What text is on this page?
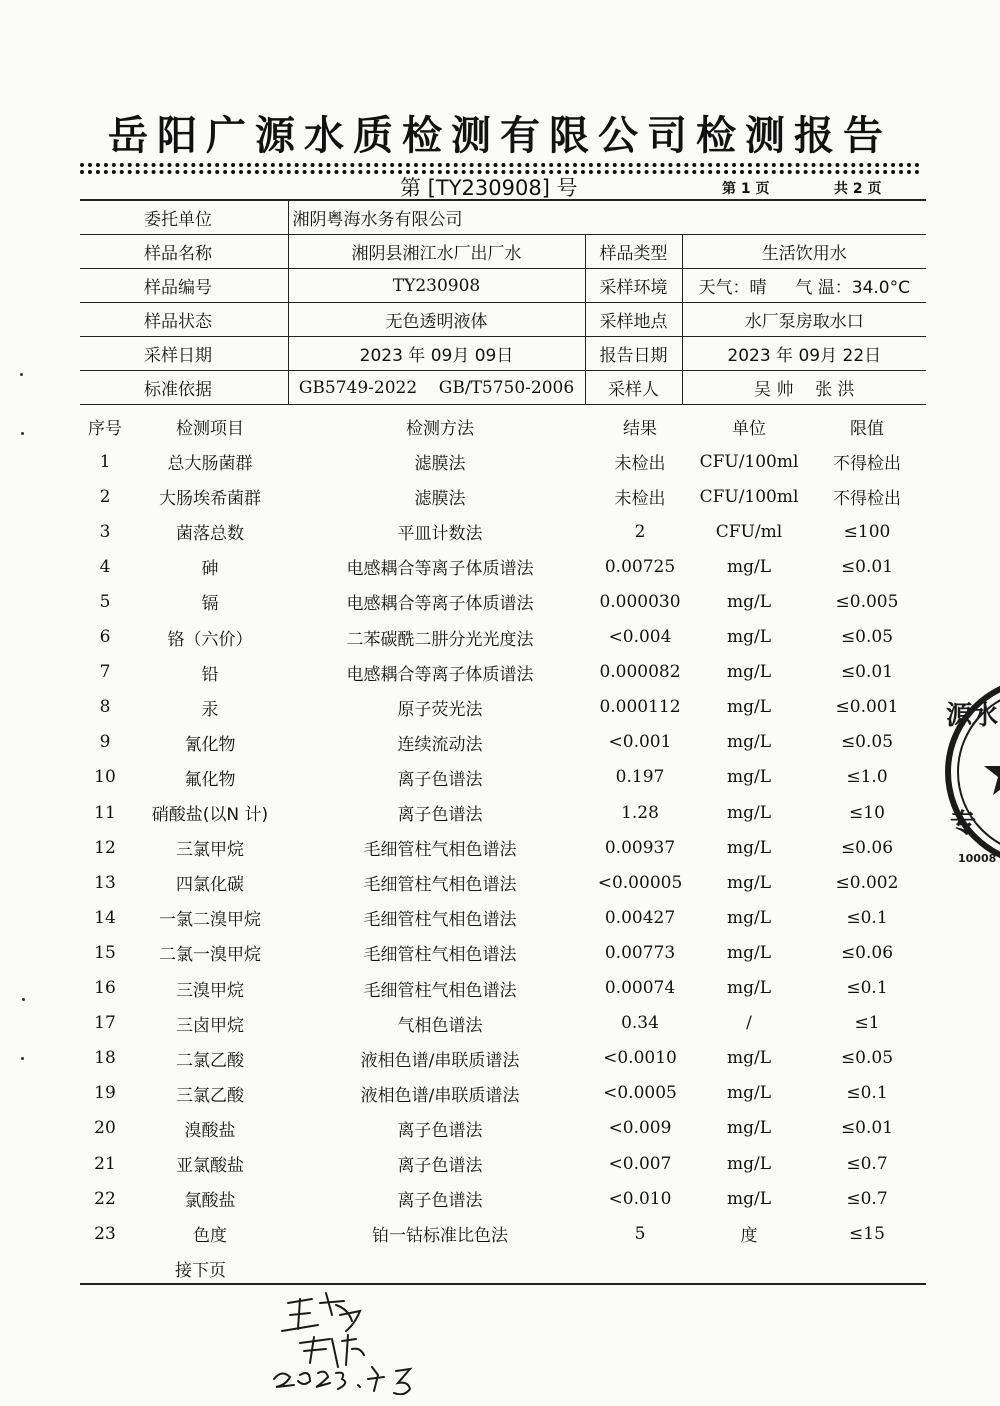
岳阳广源水质检测有限公司检测报告
第 [TY230908] 号	第 1 页	共 2 页
委托单位	湘阴粤海水务有限公司		
样品名称	湘阴县湘江水厂出厂水	样品类型	生活饮用水
样品编号	TY230908	采样环境	天气：晴 气 温：34.0°C
样品状态	无色透明液体	采样地点	水厂泵房取水口
采样日期	2023 年 09月 09日	报告日期	2023 年 09月 22日
标准依据	GB5749-2022    GB/T5750-2006	采样人	吴 帅    张 洪
序号	检测项目	检测方法	结果	单位	限值
1	总大肠菌群	滤膜法	未检出	CFU/100ml	不得检出
2	大肠埃希菌群	滤膜法	未检出	CFU/100ml	不得检出
3	菌落总数	平皿计数法	2	CFU/ml	≤100
4	砷	电感耦合等离子体质谱法	0.00725	mg/L	≤0.01
5	镉	电感耦合等离子体质谱法	0.000030	mg/L	≤0.005
6	铬（六价）	二苯碳酰二肼分光光度法	<0.004	mg/L	≤0.05
7	铅	电感耦合等离子体质谱法	0.000082	mg/L	≤0.01
8	汞	原子荧光法	0.000112	mg/L	≤0.001
9	氰化物	连续流动法	<0.001	mg/L	≤0.05
10	氟化物	离子色谱法	0.197	mg/L	≤1.0
11	硝酸盐(以N 计)	离子色谱法	1.28	mg/L	≤10
12	三氯甲烷	毛细管柱气相色谱法	0.00937	mg/L	≤0.06
13	四氯化碳	毛细管柱气相色谱法	<0.00005	mg/L	≤0.002
14	一氯二溴甲烷	毛细管柱气相色谱法	0.00427	mg/L	≤0.1
15	二氯一溴甲烷	毛细管柱气相色谱法	0.00773	mg/L	≤0.06
16	三溴甲烷	毛细管柱气相色谱法	0.00074	mg/L	≤0.1
17	三卤甲烷	气相色谱法	0.34	/	≤1
18	二氯乙酸	液相色谱/串联质谱法	<0.0010	mg/L	≤0.05
19	三氯乙酸	液相色谱/串联质谱法	<0.0005	mg/L	≤0.1
20	溴酸盐	离子色谱法	<0.009	mg/L	≤0.01
21	亚氯酸盐	离子色谱法	<0.007	mg/L	≤0.7
22	氯酸盐	离子色谱法	<0.010	mg/L	≤0.7
23	色度	铂一钴标准比色法	5	度	≤15
接下页
源水
专
10008
